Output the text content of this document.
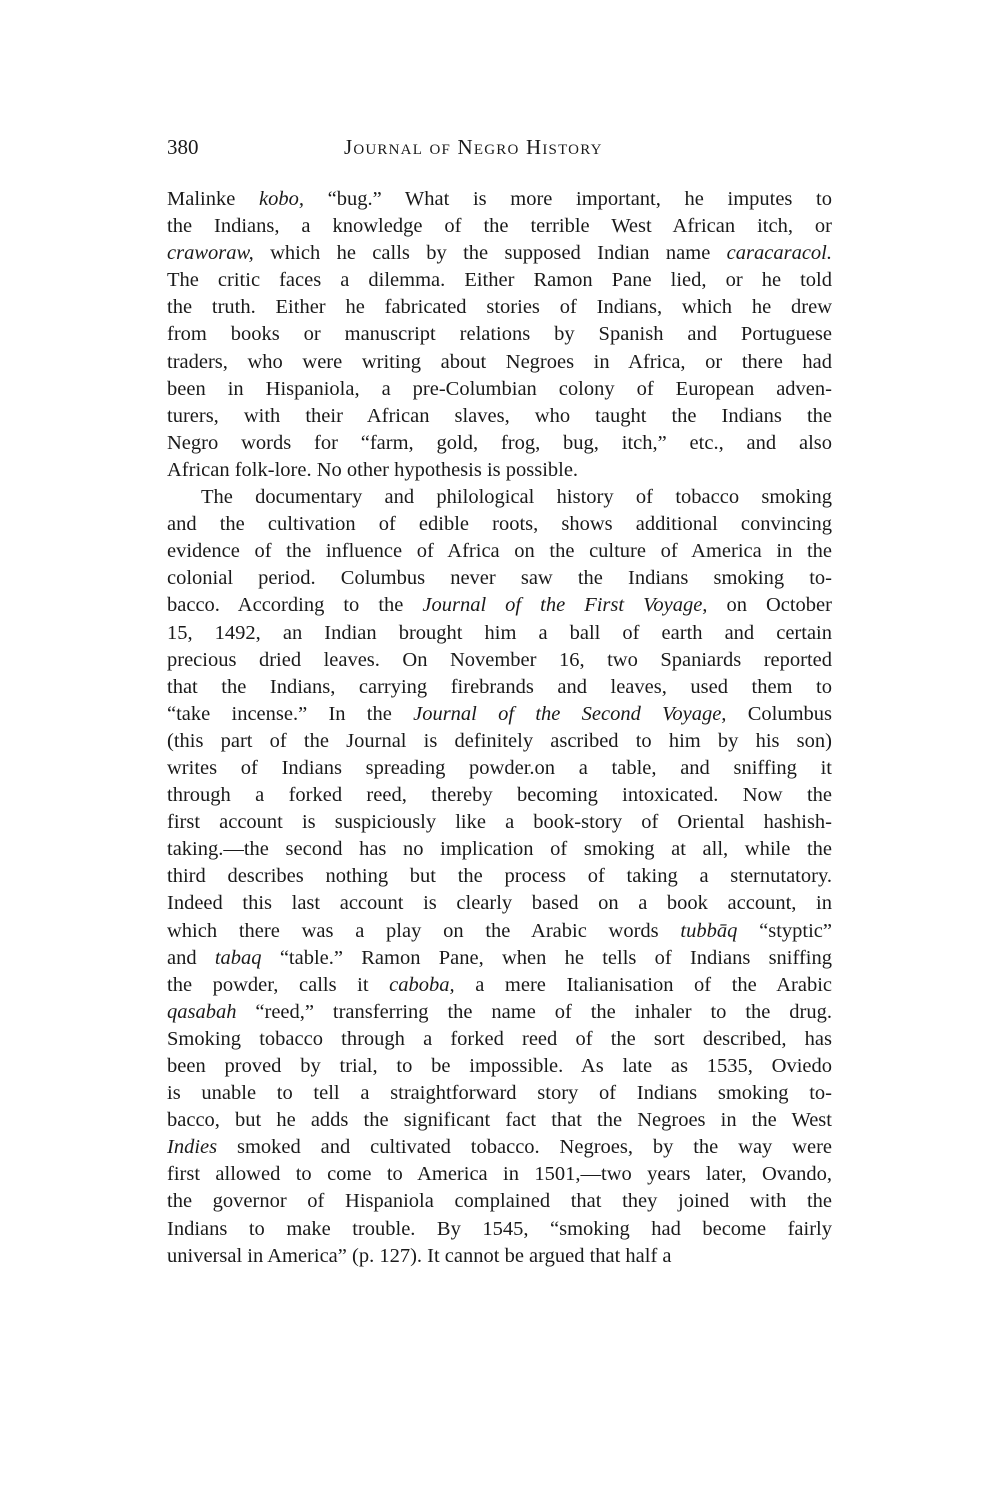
380	Journal of Negro History
Malinke kobo, “bug.” What is more important, he imputes to
the Indians, a knowledge of the terrible West African itch, or
craworaw, which he calls by the supposed Indian name caracaracol.
The critic faces a dilemma. Either Ramon Pane lied, or he told
the truth. Either he fabricated stories of Indians, which he drew
from books or manuscript relations by Spanish and Portuguese
traders, who were writing about Negroes in Africa, or there had
been in Hispaniola, a pre-Columbian colony of European adven-
turers, with their African slaves, who taught the Indians the
Negro words for “farm, gold, frog, bug, itch,” etc., and also
African folk-lore. No other hypothesis is possible.
The documentary and philological history of tobacco smoking
and the cultivation of edible roots, shows additional convincing
evidence of the influence of Africa on the culture of America in the
colonial period. Columbus never saw the Indians smoking to-
bacco. According to the Journal of the First Voyage, on October
15, 1492, an Indian brought him a ball of earth and certain
precious dried leaves. On November 16, two Spaniards reported
that the Indians, carrying firebrands and leaves, used them to
“take incense.” In the Journal of the Second Voyage, Columbus
(this part of the Journal is definitely ascribed to him by his son)
writes of Indians spreading powder.on a table, and sniffing it
through a forked reed, thereby becoming intoxicated. Now the
first account is suspiciously like a book-story of Oriental hashish-
taking.—the second has no implication of smoking at all, while the
third describes nothing but the process of taking a sternutatory.
Indeed this last account is clearly based on a book account, in
which there was a play on the Arabic words tubbāq “styptic”
and tabaq “table.” Ramon Pane, when he tells of Indians sniffing
the powder, calls it caboba, a mere Italianisation of the Arabic
qasabah “reed,” transferring the name of the inhaler to the drug.
Smoking tobacco through a forked reed of the sort described, has
been proved by trial, to be impossible. As late as 1535, Oviedo
is unable to tell a straightforward story of Indians smoking to-
bacco, but he adds the significant fact that the Negroes in the West
Indies smoked and cultivated tobacco. Negroes, by the way were
first allowed to come to America in 1501,—two years later, Ovando,
the governor of Hispaniola complained that they joined with the
Indians to make trouble. By 1545, “smoking had become fairly
universal in America” (p. 127). It cannot be argued that half a
